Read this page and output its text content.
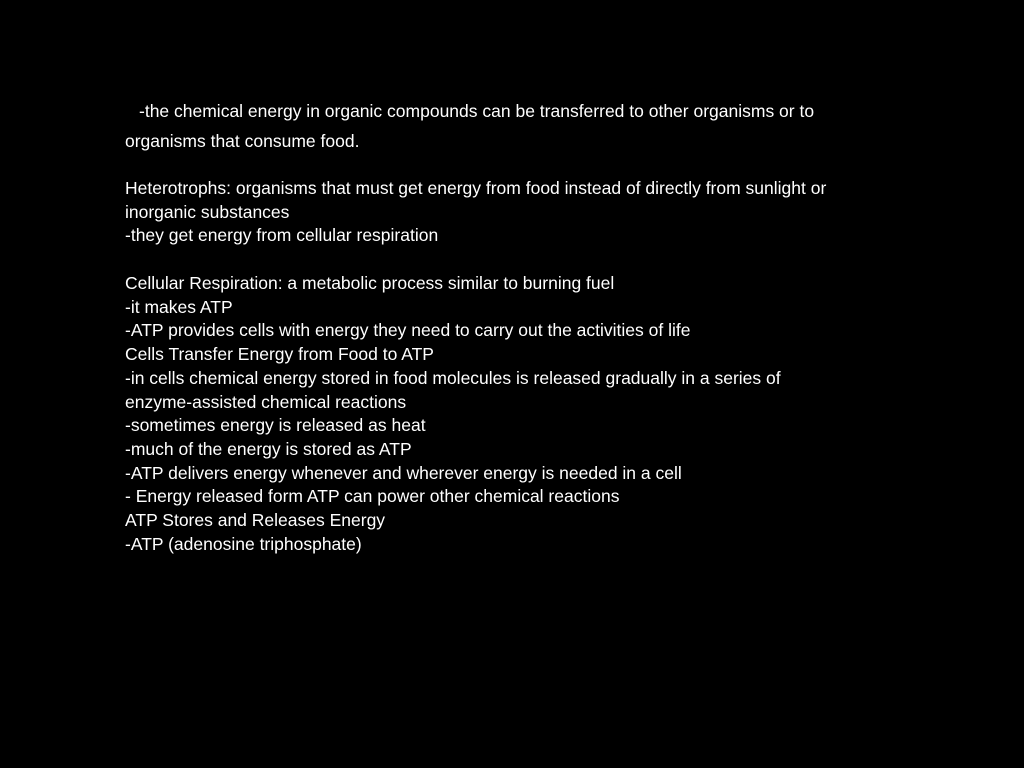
-the chemical energy in organic compounds can be transferred to other organisms or to
organisms that consume food.
Heterotrophs: organisms that must get energy from food instead of directly from sunlight or
inorganic substances
-they get energy from cellular respiration
Cellular Respiration: a metabolic process similar to burning fuel
-it makes ATP
-ATP provides cells with energy they need to carry out the activities of life
Cells Transfer Energy from Food to ATP
-in cells chemical energy stored in food molecules is released gradually in a series of
enzyme-assisted chemical reactions
-sometimes energy is released as heat
-much of the energy is stored as ATP
-ATP delivers energy whenever and wherever energy is needed in a cell
- Energy released form ATP can power other chemical reactions
ATP Stores and Releases Energy
-ATP (adenosine triphosphate)
